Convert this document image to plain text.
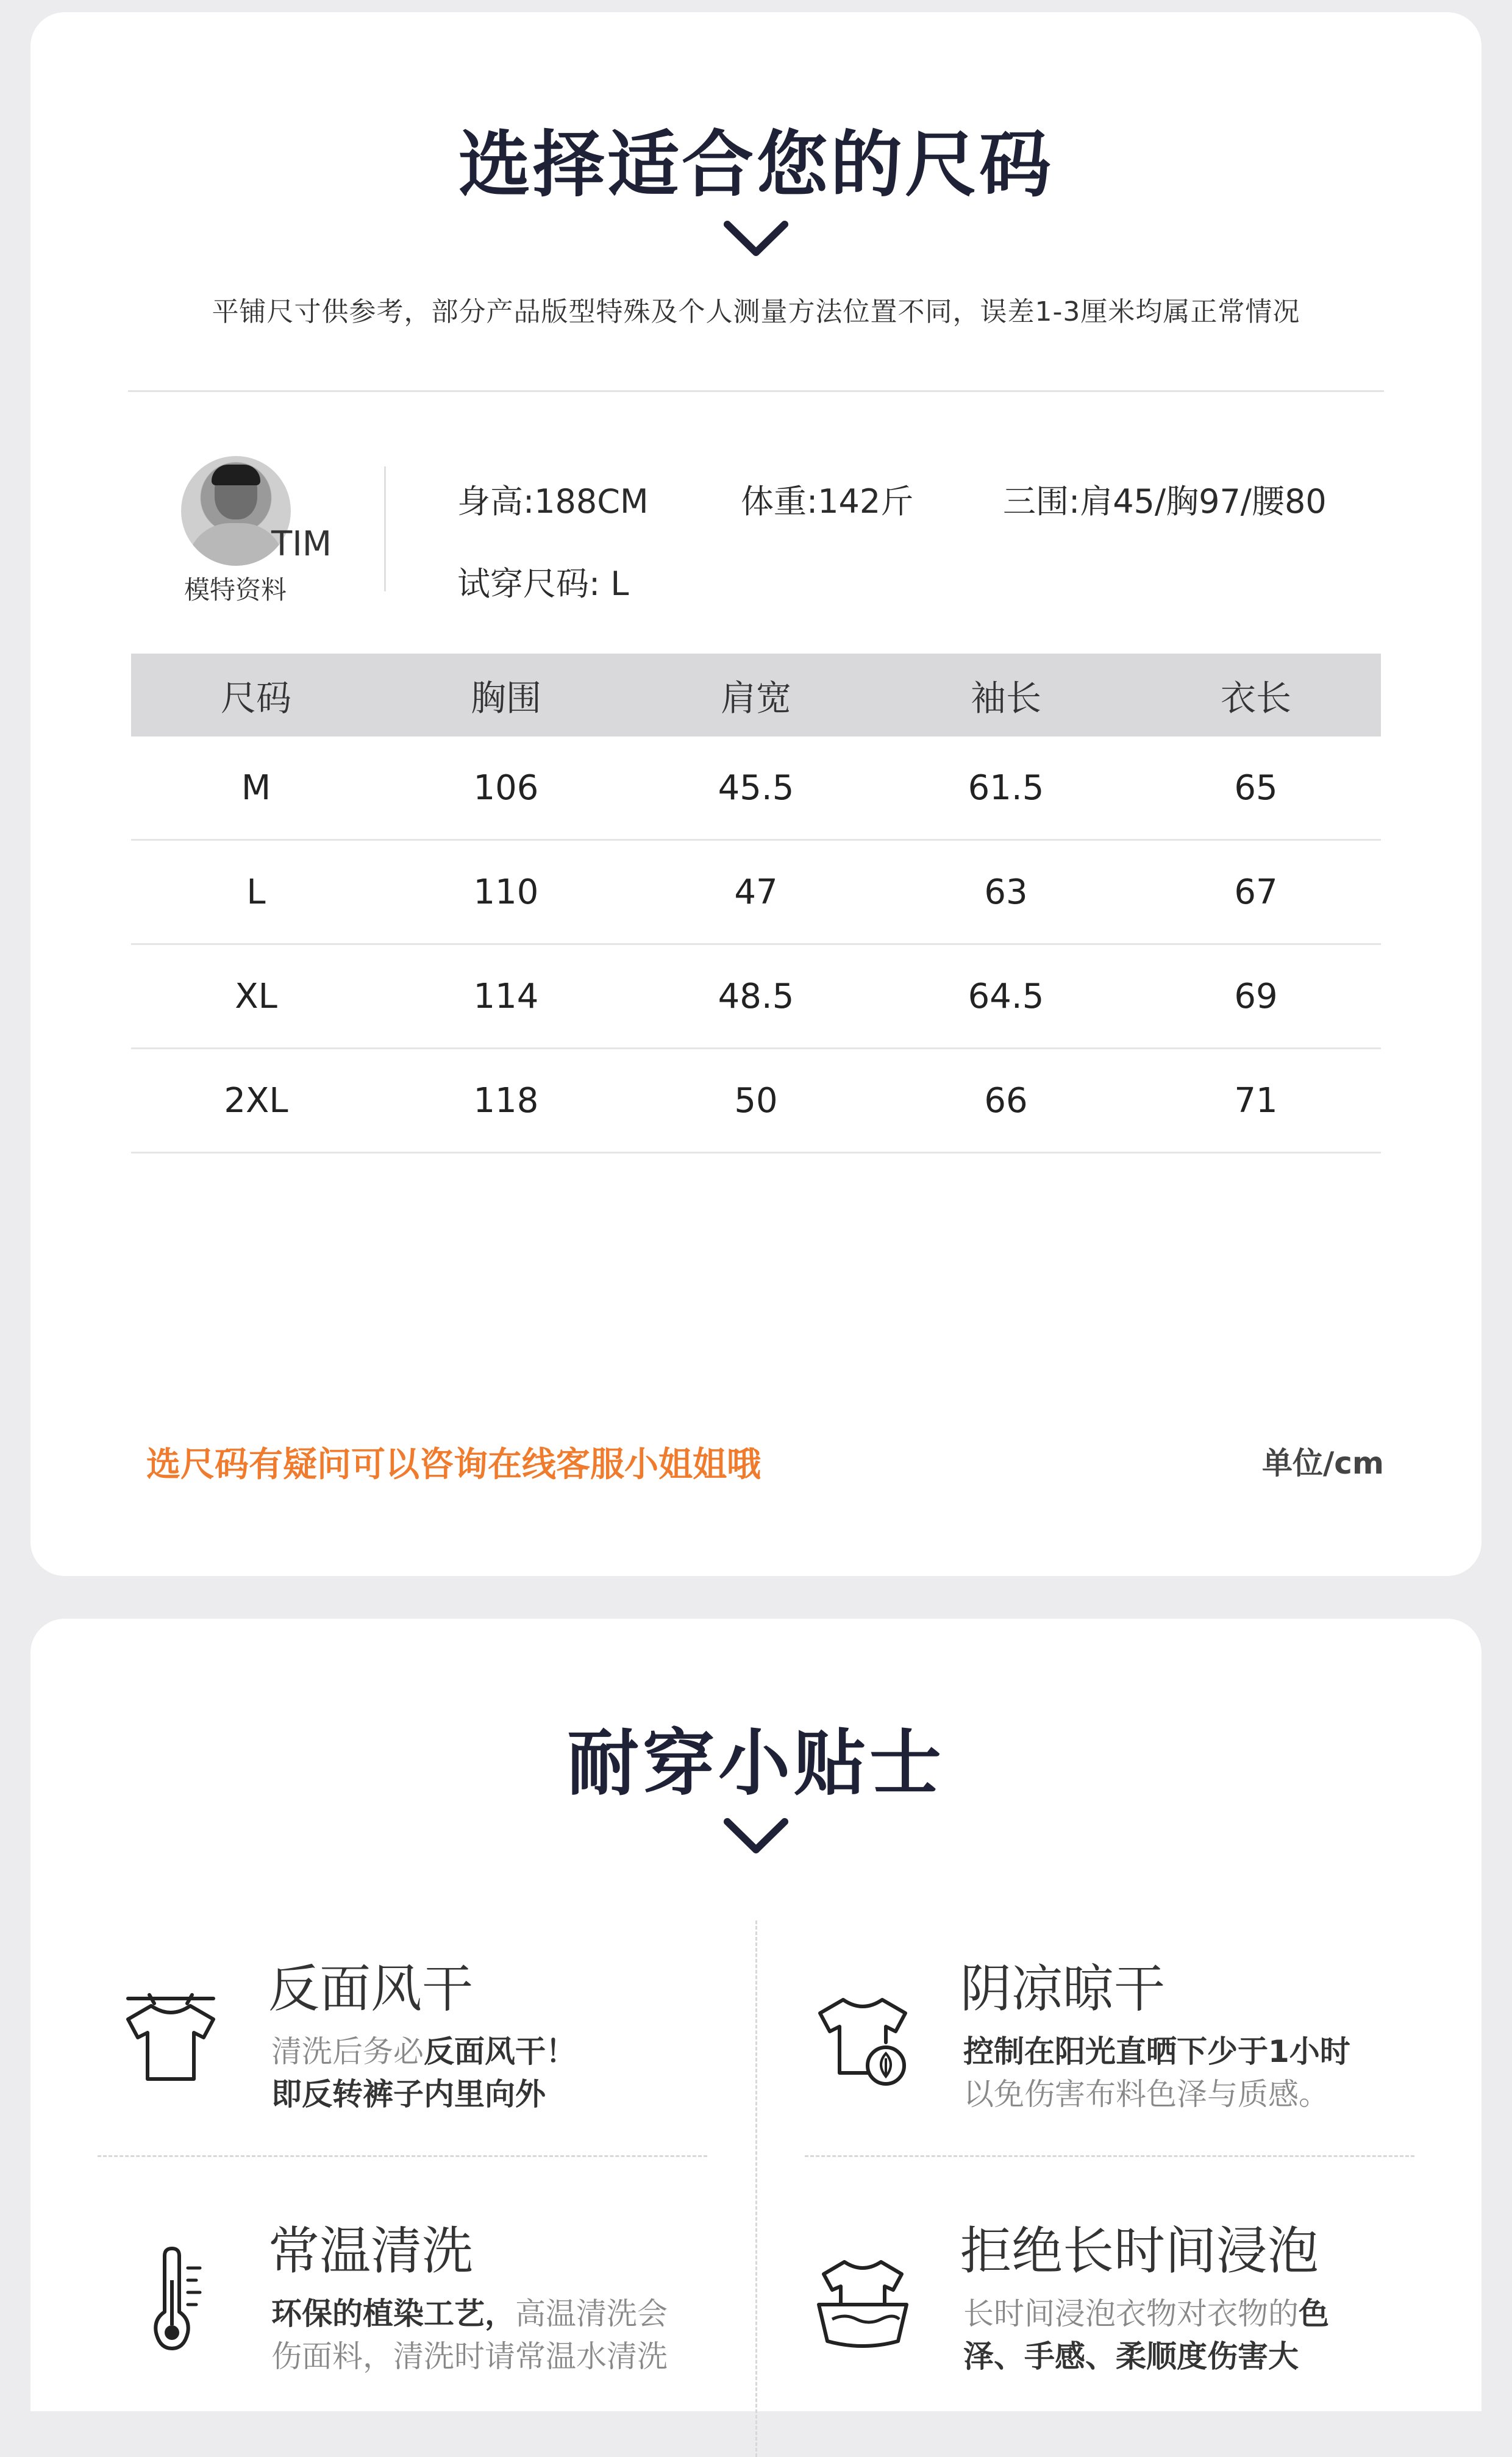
选择适合您的尺码
平铺尺寸供参考，部分产品版型特殊及个人测量方法位置不同，误差1-3厘米均属正常情况
TIM
模特资料
身高:188CM	体重:142斤	三围:肩45/胸97/腰80
试穿尺码: L
尺码	胸围	肩宽	袖长	衣长
M	106	45.5	61.5	65
L	110	47	63	67
XL	114	48.5	64.5	69
2XL	118	50	66	71
选尺码有疑问可以咨询在线客服小姐姐哦	单位/cm
耐穿小贴士
反面风干
清洗后务必反面风干！
即反转裤子内里向外
阴凉晾干
控制在阳光直晒下少于1小时
以免伤害布料色泽与质感。
常温清洗
环保的植染工艺，高温清洗会
伤面料，清洗时请常温水清洗
拒绝长时间浸泡
长时间浸泡衣物对衣物的色
泽、手感、柔顺度伤害大
